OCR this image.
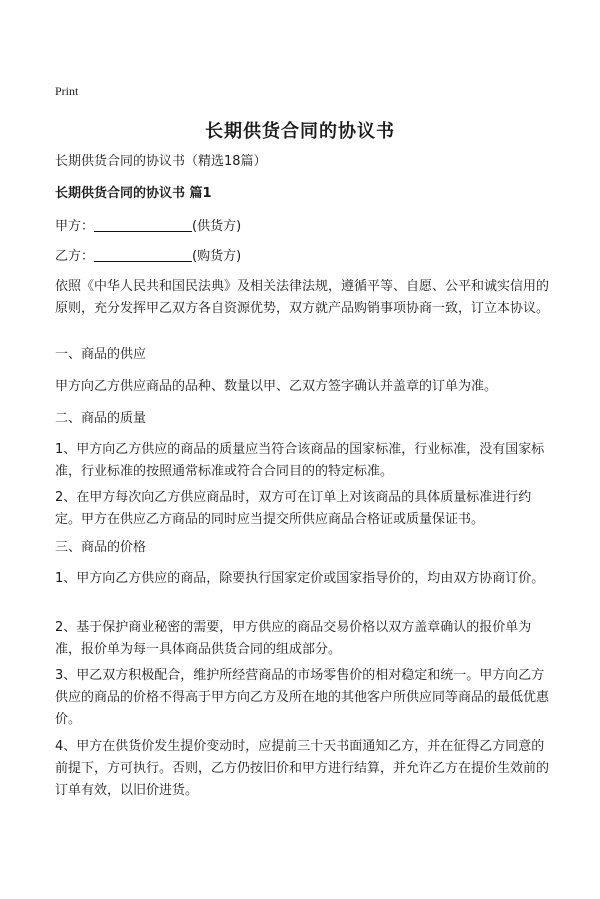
Print
长期供货合同的协议书

长期供货合同的协议书（精选18篇）

长期供货合同的协议书 篇1

甲方：	(供货方)

乙方：	(购货方)

依照《中华人民共和国民法典》及相关法律法规，遵循平等、自愿、公平和诚实信用的原则，充分发挥甲乙双方各自资源优势，双方就产品购销事项协商一致，订立本协议。

一、商品的供应

甲方向乙方供应商品的品种、数量以甲、乙双方签字确认并盖章的订单为准。

二、商品的质量

1、甲方向乙方供应的商品的质量应当符合该商品的国家标准，行业标准，没有国家标准，行业标准的按照通常标准或符合合同目的的特定标准。

2、在甲方每次向乙方供应商品时，双方可在订单上对该商品的具体质量标准进行约定。甲方在供应乙方商品的同时应当提交所供应商品合格证或质量保证书。

三、商品的价格

1、甲方向乙方供应的商品，除要执行国家定价或国家指导价的，均由双方协商订价。

2、基于保护商业秘密的需要，甲方供应的商品交易价格以双方盖章确认的报价单为准，报价单为每一具体商品供货合同的组成部分。

3、甲乙双方积极配合，维护所经营商品的市场零售价的相对稳定和统一。甲方向乙方供应的商品的价格不得高于甲方向乙方及所在地的其他客户所供应同等商品的最低优惠价。

4、甲方在供货价发生提价变动时，应提前三十天书面通知乙方，并在征得乙方同意的前提下，方可执行。否则，乙方仍按旧价和甲方进行结算，并允许乙方在提价生效前的订单有效，以旧价进货。
